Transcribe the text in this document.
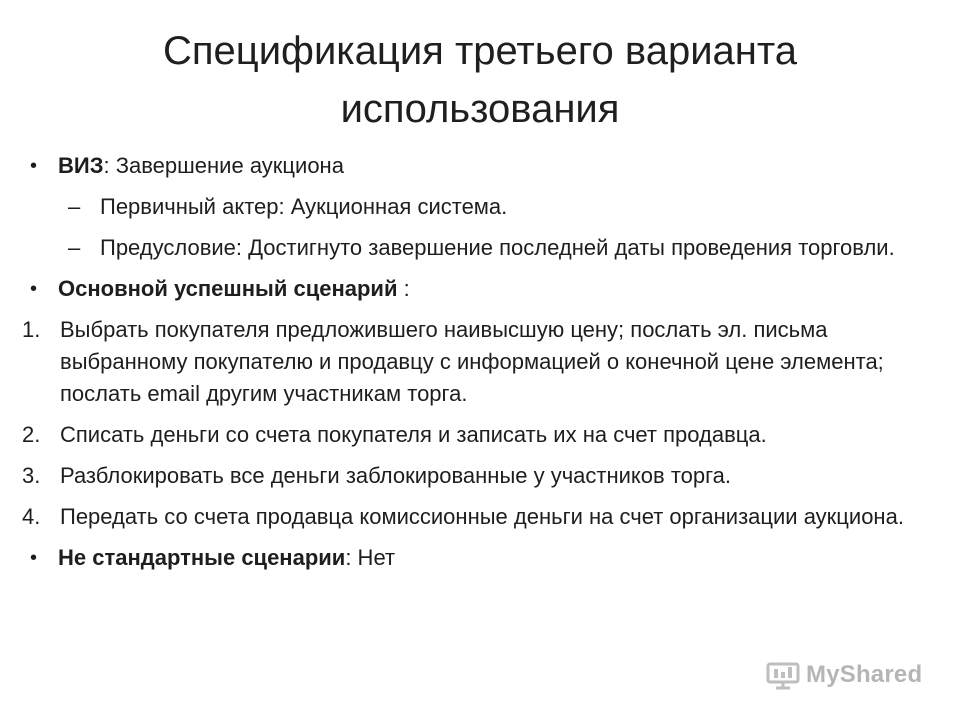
Спецификация третьего варианта
использования
• ВИЗ: Завершение аукциона
– Первичный актер: Аукционная система.
– Предусловие: Достигнуто завершение последней даты проведения торговли.
• Основной успешный сценарий :
1. Выбрать покупателя предложившего наивысшую цену; послать эл. письма выбранному покупателю и продавцу с информацией о конечной цене элемента; послать email другим участникам торга.
2. Списать деньги со счета покупателя и записать их на счет продавца.
3. Разблокировать все деньги заблокированные у участников торга.
4. Передать со счета продавца комиссионные деньги на счет организации аукциона.
• Не стандартные сценарии: Нет
MyShared
